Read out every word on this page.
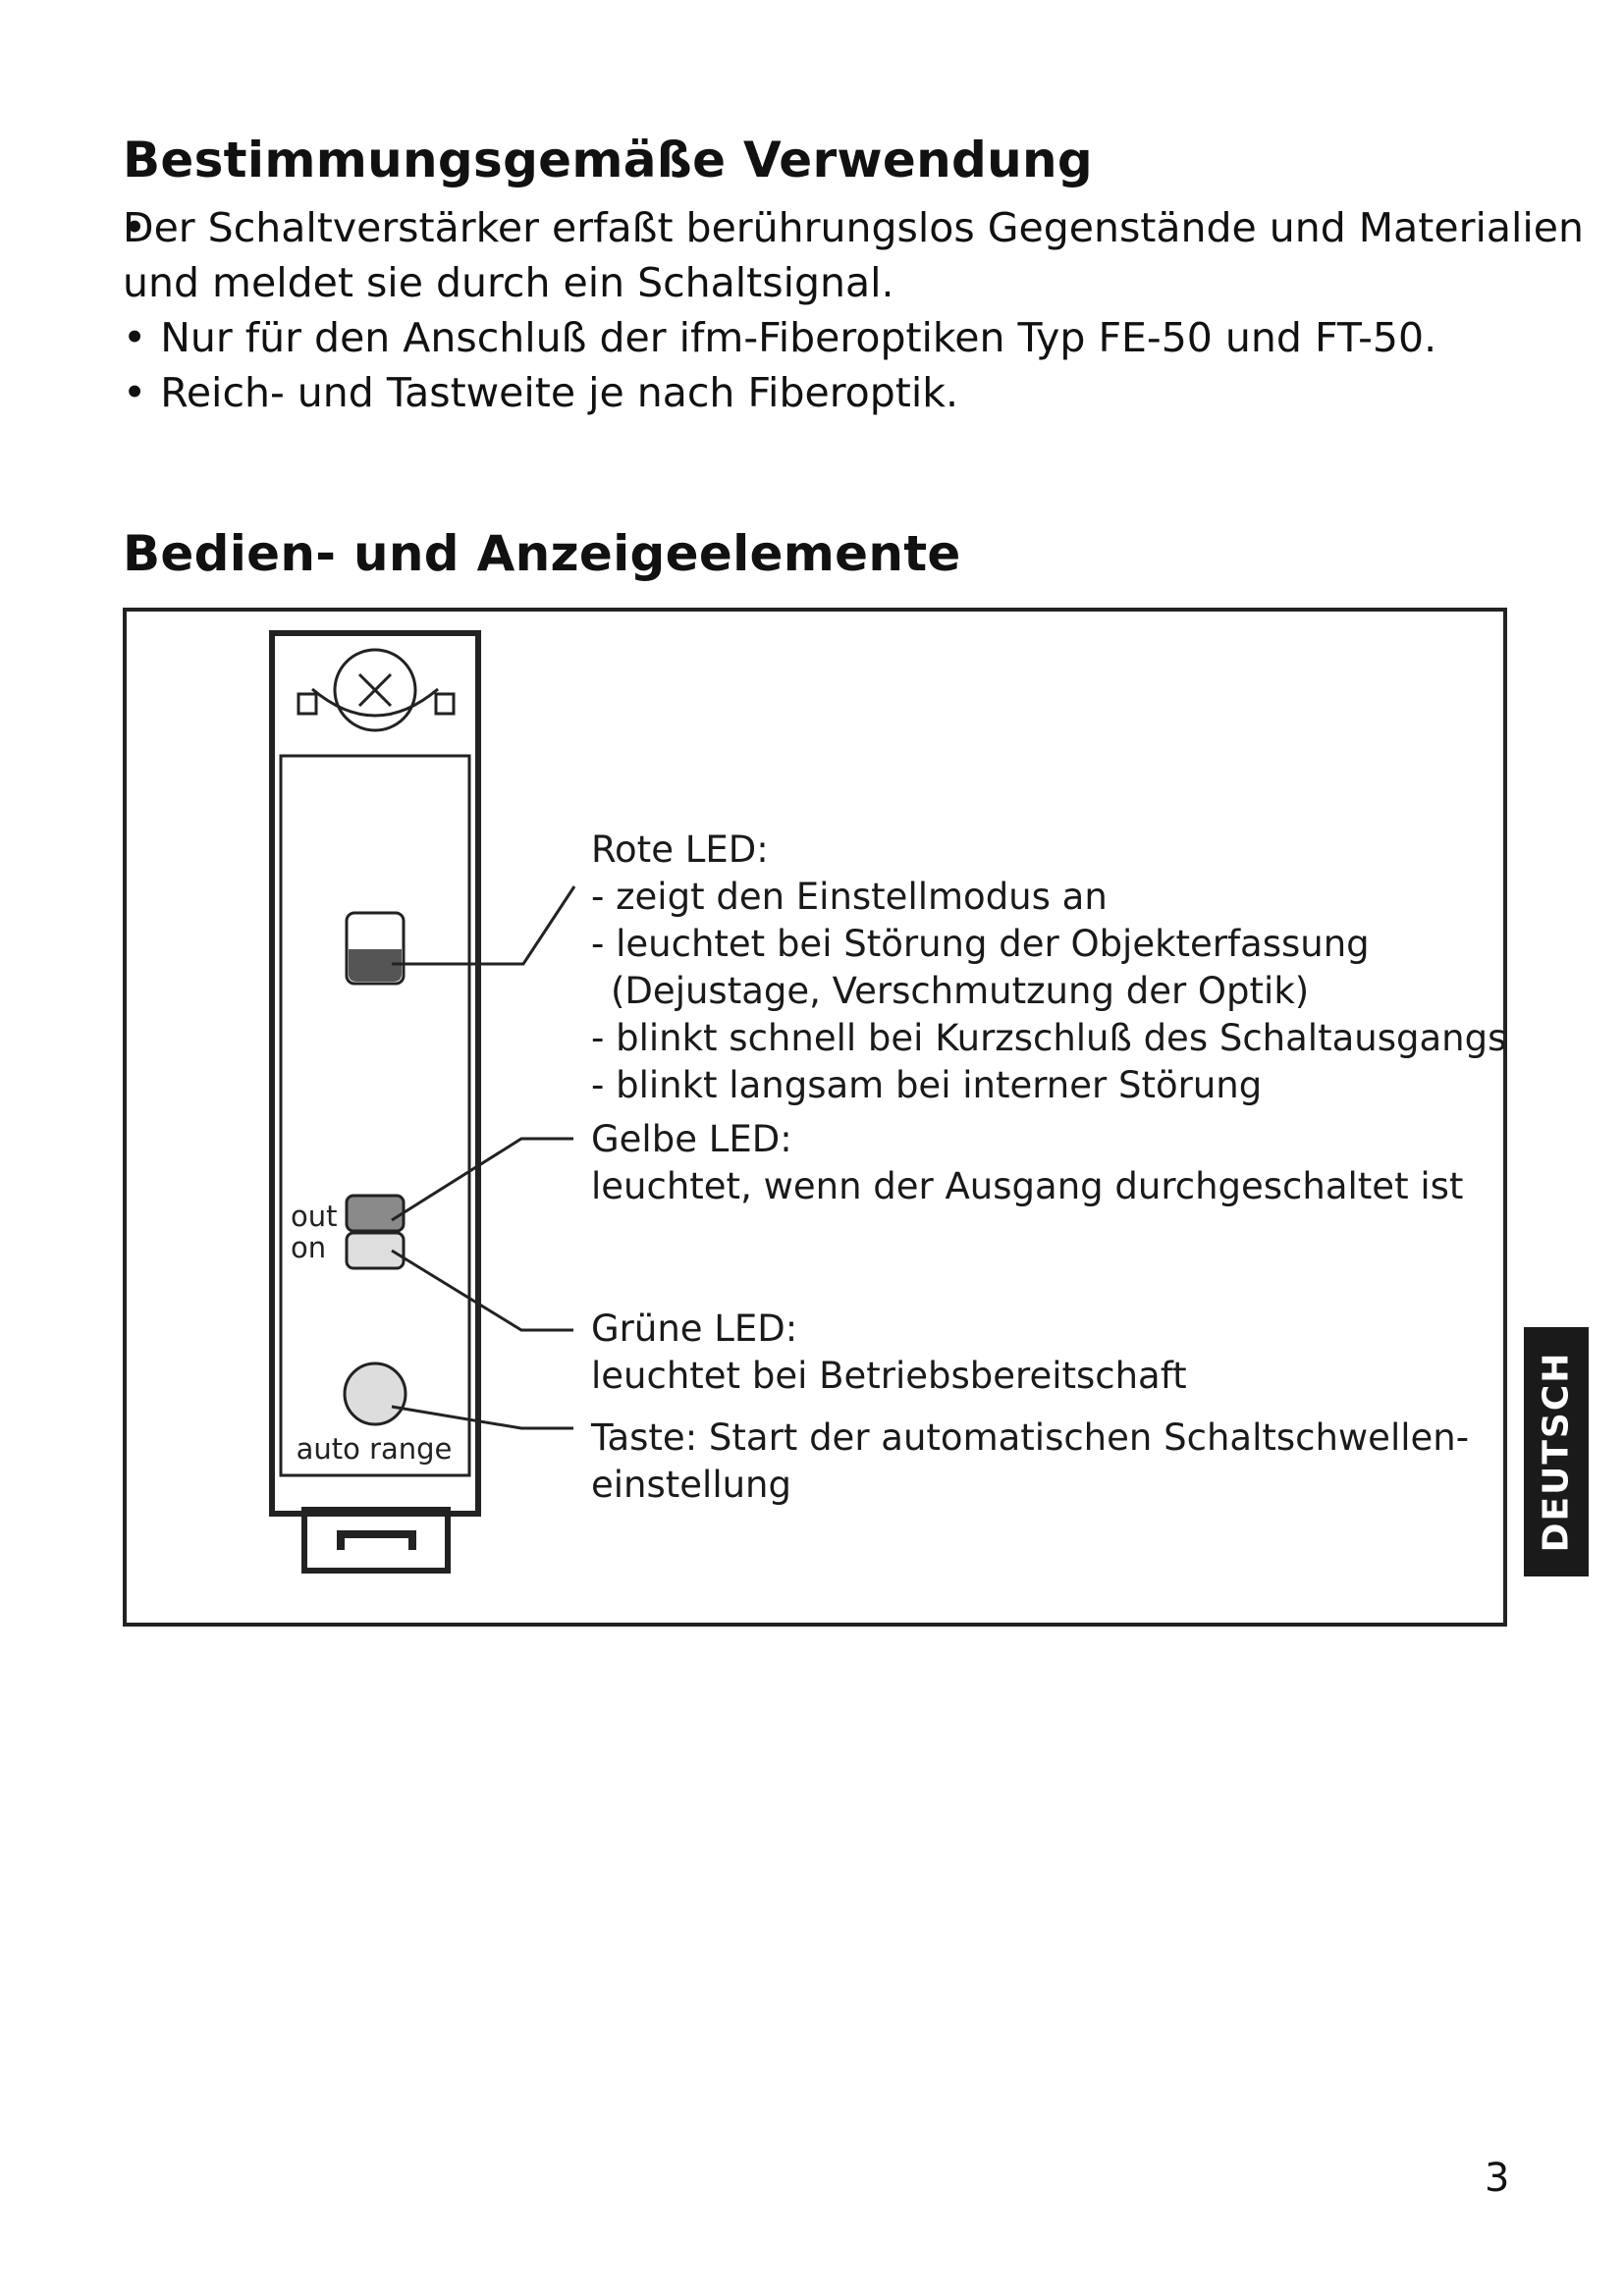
Bestimmungsgemäße Verwendung
•
Der Schaltverstärker erfaßt berührungslos Gegenstände und Materialien
und meldet sie durch ein Schaltsignal.
• Nur für den Anschluß der ifm-Fiberoptiken Typ FE-50 und FT-50.
• Reich- und Tastweite je nach Fiberoptik.
Bedien- und Anzeigeelemente
out
on
auto range
Rote LED:
- zeigt den Einstellmodus an
- leuchtet bei Störung der Objekterfassung
(Dejustage, Verschmutzung der Optik)
- blinkt schnell bei Kurzschluß des Schaltausgangs
- blinkt langsam bei interner Störung
Gelbe LED:
leuchtet, wenn der Ausgang durchgeschaltet ist
Grüne LED:
leuchtet bei Betriebsbereitschaft
Taste: Start der automatischen Schaltschwellen-
einstellung	DEUTSCH
3
